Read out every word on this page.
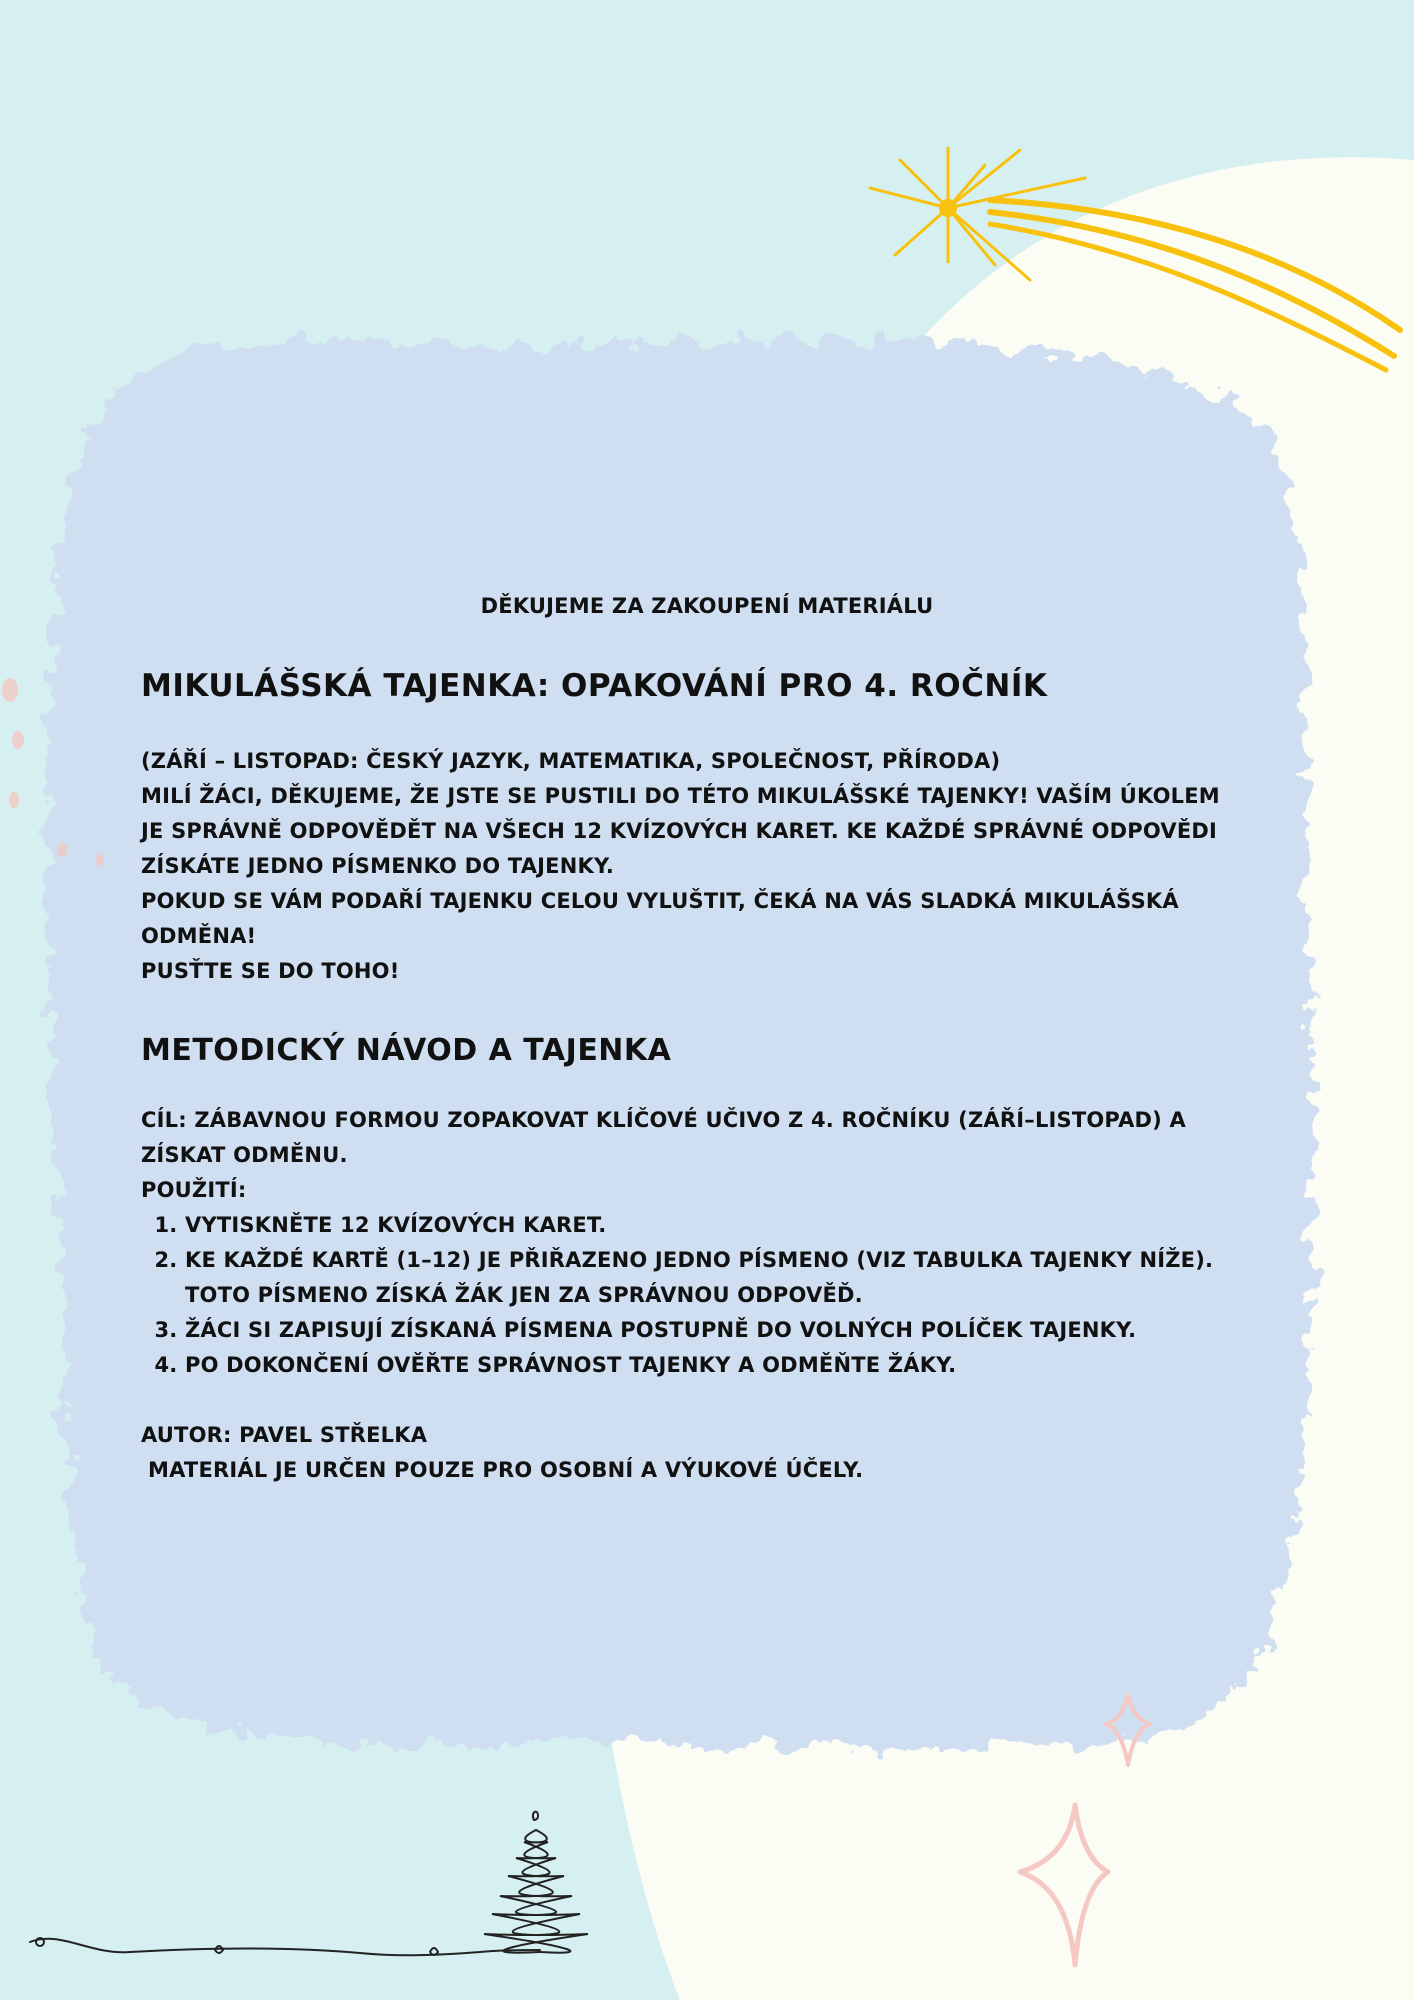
DĚKUJEME ZA ZAKOUPENÍ MATERIÁLU

MIKULÁŠSKÁ TAJENKA: OPAKOVÁNÍ PRO 4. ROČNÍK

(ZÁŘÍ – LISTOPAD: ČESKÝ JAZYK, MATEMATIKA, SPOLEČNOST, PŘÍRODA)

MILÍ ŽÁCI, DĚKUJEME, ŽE JSTE SE PUSTILI DO TÉTO MIKULÁŠSKÉ TAJENKY! VAŠÍM ÚKOLEM JE SPRÁVNĚ ODPOVĚDĚT NA VŠECH 12 KVÍZOVÝCH KARET. KE KAŽDÉ SPRÁVNÉ ODPOVĚDI ZÍSKÁTE JEDNO PÍSMENKO DO TAJENKY.

POKUD SE VÁM PODAŘÍ TAJENKU CELOU VYLUŠTIT, ČEKÁ NA VÁS SLADKÁ MIKULÁŠSKÁ ODMĚNA!

PUSŤTE SE DO TOHO!

METODICKÝ NÁVOD A TAJENKA

CÍL: ZÁBAVNOU FORMOU ZOPAKOVAT KLÍČOVÉ UČIVO Z 4. ROČNÍKU (ZÁŘÍ–LISTOPAD) A ZÍSKAT ODMĚNU.

POUŽITÍ:

1. VYTISKNĚTE 12 KVÍZOVÝCH KARET.
2. KE KAŽDÉ KARTĚ (1–12) JE PŘIŘAZENO JEDNO PÍSMENO (VIZ TABULKA TAJENKY NÍŽE). TOTO PÍSMENO ZÍSKÁ ŽÁK JEN ZA SPRÁVNOU ODPOVĚĎ.
3. ŽÁCI SI ZAPISUJÍ ZÍSKANÁ PÍSMENA POSTUPNĚ DO VOLNÝCH POLÍČEK TAJENKY.
4. PO DOKONČENÍ OVĚŘTE SPRÁVNOST TAJENKY A ODMĚŇTE ŽÁKY.

AUTOR: PAVEL STŘELKA

MATERIÁL JE URČEN POUZE PRO OSOBNÍ A VÝUKOVÉ ÚČELY.
